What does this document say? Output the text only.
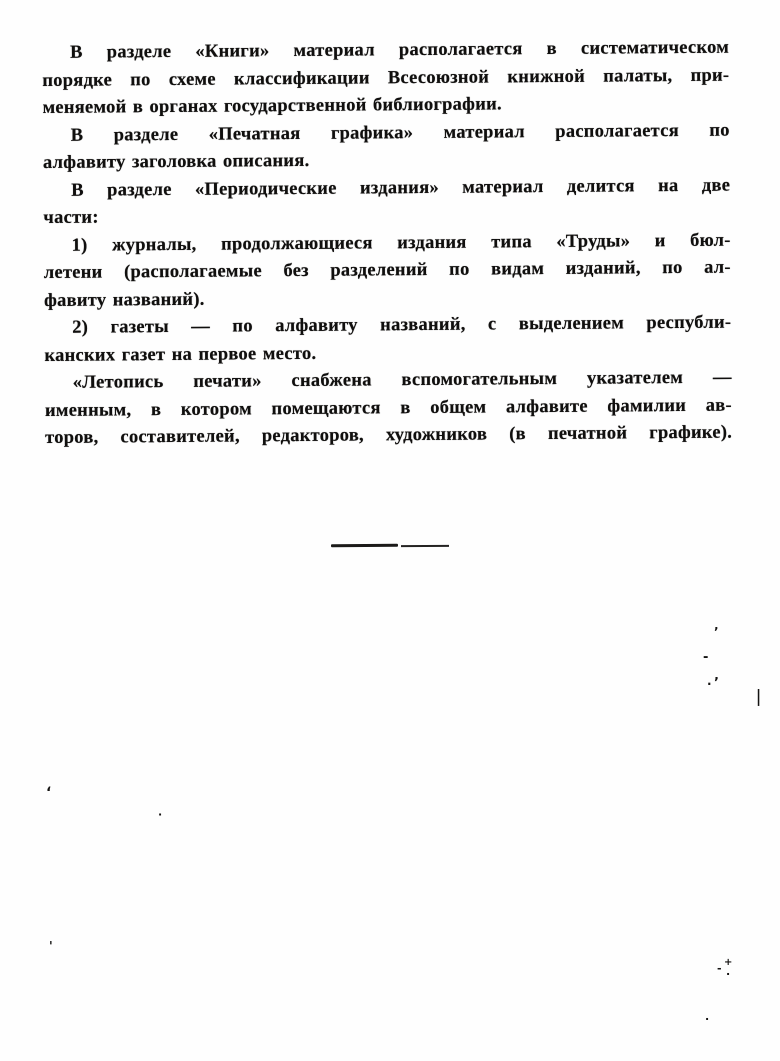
В разделе «Книги» материал располагается в систематическом
порядке по схеме классификации Всесоюзной книжной палаты, при-
меняемой в органах государственной библиографии.
В разделе «Печатная графика» материал располагается по
алфавиту заголовка описания.
В разделе «Периодические издания» материал делится на две
части:
1) журналы, продолжающиеся издания типа «Труды» и бюл-
летени (располагаемые без разделений по видам изданий, по ал-
фавиту названий).
2) газеты — по алфавиту названий, с выделением республи-
канских газет на первое место.
«Летопись печати» снабжена вспомогательным указателем —
именным, в котором помещаются в общем алфавите фамилии ав-
торов, составителей, редакторов, художников (в печатной графике).
’
-
· ’
|
‘
·
'
+
- .
.
